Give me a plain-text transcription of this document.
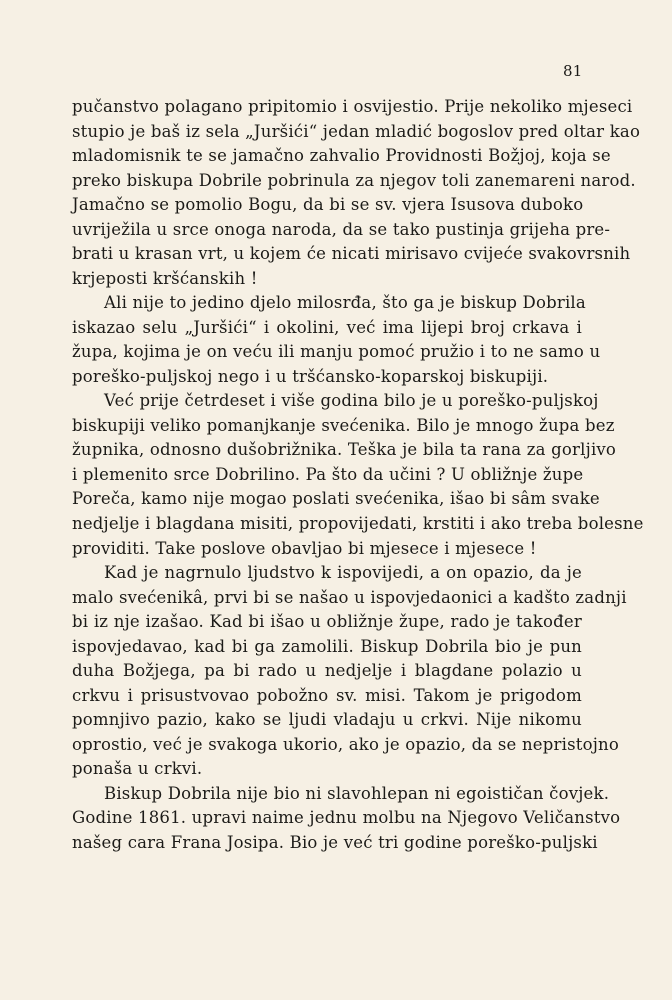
81
pučanstvo polagano pripitomio i osvijestio. Prije nekoliko mjeseci
stupio je baš iz sela „Juršići“ jedan mladić bogoslov pred oltar kao
mladomisnik te se jamačno zahvalio Providnosti Božjoj, koja se
preko biskupa Dobrile pobrinula za njegov toli zanemareni narod.
Jamačno se pomolio Bogu, da bi se sv. vjera Isusova duboko
uvriježila u srce onoga naroda, da se tako pustinja grijeha pre-
brati u krasan vrt, u kojem će nicati mirisavo cvijeće svakovrsnih
krjeposti kršćanskih !
Ali nije to jedino djelo milosrđa, što ga je biskup Dobrila
iskazao selu „Juršići“ i okolini, već ima lijepi broj crkava i
župa, kojima je on veću ili manju pomoć pružio i to ne samo u
poreško-puljskoj nego i u tršćansko-koparskoj biskupiji.
Već prije četrdeset i više godina bilo je u poreško-puljskoj
biskupiji veliko pomanjkanje svećenika. Bilo je mnogo župa bez
župnika, odnosno dušobrižnika. Teška je bila ta rana za gorljivo
i plemenito srce Dobrilino. Pa što da učini ? U obližnje župe
Poreča, kamo nije mogao poslati svećenika, išao bi sâm svake
nedjelje i blagdana misiti, propovijedati, krstiti i ako treba bolesne
providiti. Take poslove obavljao bi mjesece i mjesece !
Kad je nagrnulo ljudstvo k ispovijedi, a on opazio, da je
malo svećenikâ, prvi bi se našao u ispovjedaonici a kadšto zadnji
bi iz nje izašao. Kad bi išao u obližnje župe, rado je također
ispovjedavao, kad bi ga zamolili. Biskup Dobrila bio je pun
duha Božjega, pa bi rado u nedjelje i blagdane polazio u
crkvu i prisustvovao pobožno sv. misi. Takom je prigodom
pomnjivo pazio, kako se ljudi vladaju u crkvi. Nije nikomu
oprostio, već je svakoga ukorio, ako je opazio, da se nepristojno
ponaša u crkvi.
Biskup Dobrila nije bio ni slavohlepan ni egoističan čovjek.
Godine 1861. upravi naime jednu molbu na Njegovo Veličanstvo
našeg cara Frana Josipa. Bio je već tri godine poreško-puljski
